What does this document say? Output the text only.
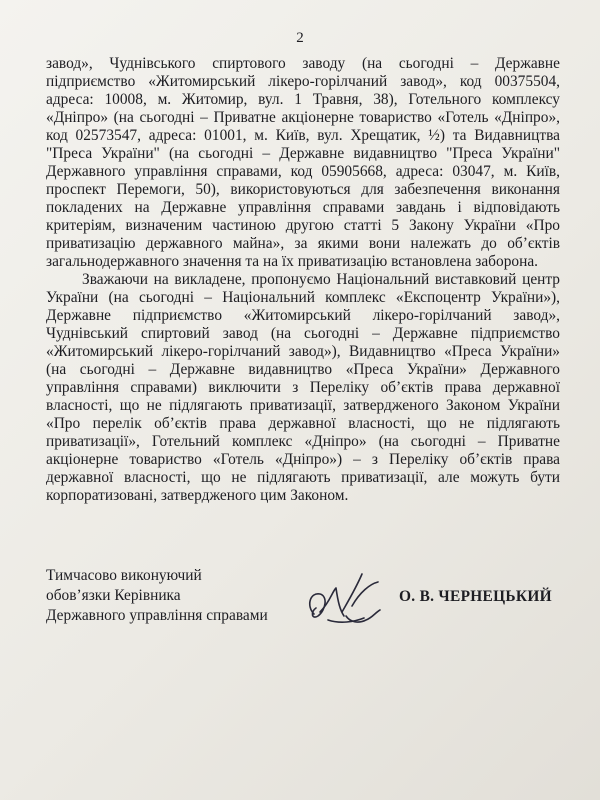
2

завод», Чуднівського спиртового заводу (на сьогодні – Державне підприємство «Житомирський лікеро-горілчаний завод», код 00375504, адреса: 10008, м. Житомир, вул. 1 Травня, 38), Готельного комплексу «Дніпро» (на сьогодні – Приватне акціонерне товариство «Готель «Дніпро», код 02573547, адреса: 01001, м. Київ, вул. Хрещатик, ½) та Видавництва "Преса України" (на сьогодні – Державне видавництво "Преса України" Державного управління справами, код 05905668, адреса: 03047, м. Київ, проспект Перемоги, 50), використовуються для забезпечення виконання покладених на Державне управління справами завдань і відповідають критеріям, визначеним частиною другою статті 5 Закону України «Про приватизацію державного майна», за якими вони належать до об’єктів загальнодержавного значення та на їх приватизацію встановлена заборона.

Зважаючи на викладене, пропонуємо Національний виставковий центр України (на сьогодні – Національний комплекс «Експоцентр України»), Державне підприємство «Житомирський лікеро-горілчаний завод», Чуднівський спиртовий завод (на сьогодні – Державне підприємство «Житомирський лікеро-горілчаний завод»), Видавництво «Преса України» (на сьогодні – Державне видавництво «Преса України» Державного управління справами) виключити з Переліку об’єктів права державної власності, що не підлягають приватизації, затвердженого Законом України «Про перелік об’єктів права державної власності, що не підлягають приватизації», Готельний комплекс «Дніпро» (на сьогодні – Приватне акціонерне товариство «Готель «Дніпро») – з Переліку об’єктів права державної власності, що не підлягають приватизації, але можуть бути корпоратизовані, затвердженого цим Законом.

Тимчасово виконуючий
обов’язки Керівника
Державного управління справами
О. В. ЧЕРНЕЦЬКИЙ
